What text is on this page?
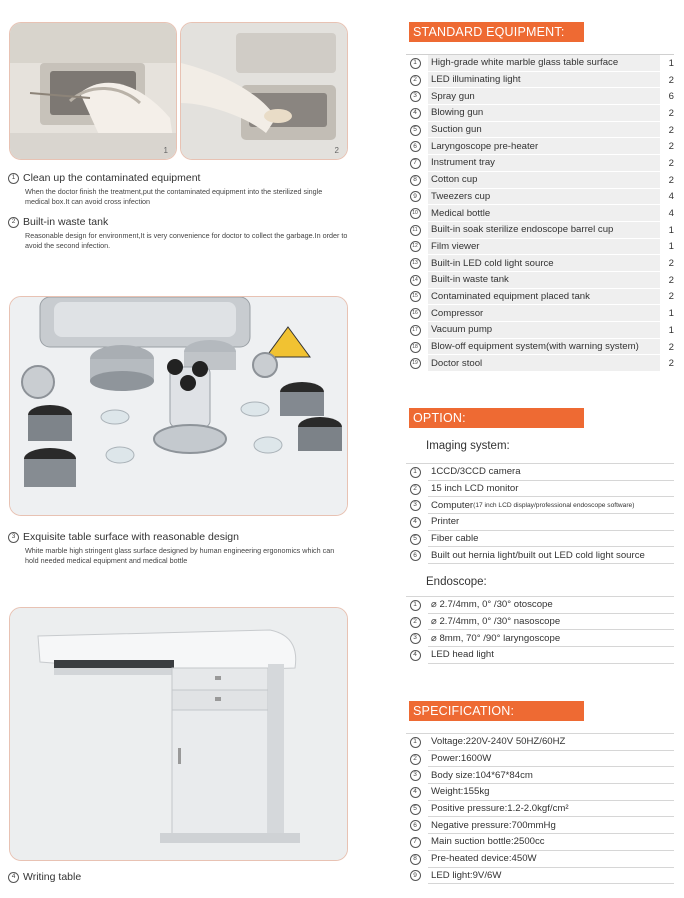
1	2
1 Clean up the contaminated equipment
When the doctor finish the treatment,put the contaminated equipment into the sterilized single medical box.It can avoid cross infection
2 Built-in waste tank
Reasonable design for environment,It is very convenience for doctor to collect the garbage.In order to avoid the second infection.
3 Exquisite table surface with reasonable design
White marble high stringent glass surface designed by human engineering ergonomics which can hold needed medical equipment and medical bottle
4 Writing table
STANDARD EQUIPMENT:
1	High-grade white marble glass table surface	1
2	LED illuminating light	2
3	Spray gun	6
4	Blowing gun	2
5	Suction gun	2
6	Laryngoscope pre-heater	2
7	Instrument tray	2
8	Cotton cup	2
9	Tweezers cup	4
10 Medical bottle	4
11	Built-in soak sterilize endoscope barrel cup	1
12 Film viewer	1
13 Built-in LED cold light source	2
14 Built-in waste tank	2
15 Contaminated equipment placed tank	2
16 Compressor	1
17 Vacuum pump	1
18 Blow-off equipment system(with warning system)	2
19 Doctor stool	2
OPTION:
Imaging system:
1	1CCD/3CCD camera
2	15 inch LCD monitor
3	Computer (17 inch LCD display/professional endoscope software)
4	Printer
5	Fiber cable
6	Built out hernia light/built out LED cold light source
Endoscope:
1	⌀ 2.7/4mm, 0° /30° otoscope
2	⌀ 2.7/4mm, 0° /30° nasoscope
3	⌀ 8mm, 70° /90° laryngoscope
4	LED head light
SPECIFICATION:
1	Voltage:220V-240V 50HZ/60HZ
2	Power:1600W
3	Body size:104*67*84cm
4	Weight:155kg
5	Positive pressure:1.2-2.0kgf/cm²
6	Negative pressure:700mmHg
7	Main suction bottle:2500cc
8	Pre-heated device:450W
9	LED light:9V/6W
